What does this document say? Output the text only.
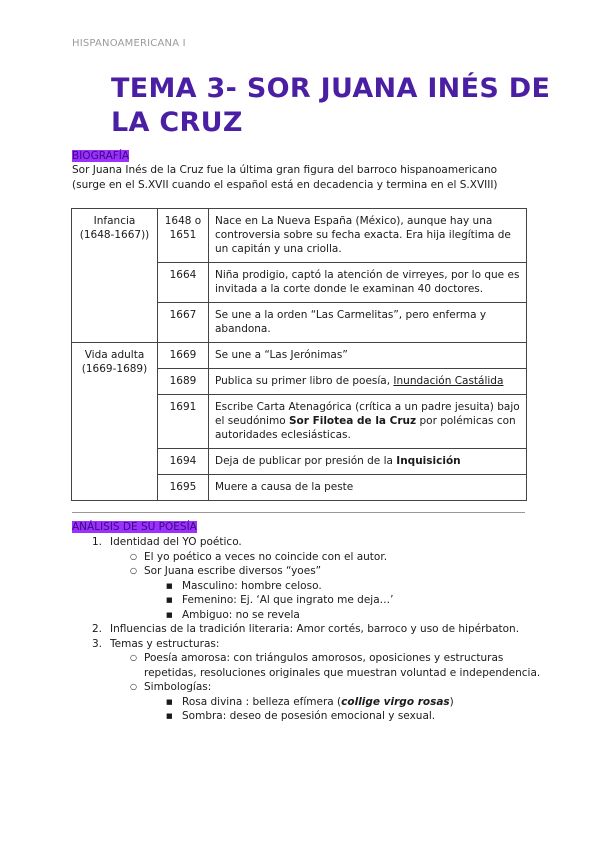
HISPANOAMERICANA I
TEMA 3- SOR JUANA INÉS DE LA CRUZ
BIOGRAFÍA
Sor Juana Inés de la Cruz fue la última gran figura del barroco hispanoamericano (surge en el S.XVII cuando el español está en decadencia y termina en el S.XVIII)
Infancia (1648-1667))	1648 o 1651	Nace en La Nueva España (México), aunque hay una controversia sobre su fecha exacta. Era hija ilegítima de un capitán y una criolla.
	1664	Niña prodigio, captó la atención de virreyes, por lo que es invitada a la corte donde le examinan 40 doctores.
	1667	Se une a la orden “Las Carmelitas”, pero enferma y abandona.
Vida adulta (1669-1689)	1669	Se une a “Las Jerónimas”
	1689	Publica su primer libro de poesía, Inundación Castálida
	1691	Escribe Carta Atenagórica (crítica a un padre jesuita) bajo el seudónimo Sor Filotea de la Cruz por polémicas con autoridades eclesiásticas.
	1694	Deja de publicar por presión de la Inquisición
	1695	Muere a causa de la peste
ANÁLISIS DE SU POESÍA
1. Identidad del YO poético.
○ El yo poético a veces no coincide con el autor.
○ Sor Juana escribe diversos “yoes”
■ Masculino: hombre celoso.
■ Femenino: Ej. ‘Al que ingrato me deja…’
■ Ambiguo: no se revela
2. Influencias de la tradición literaria: Amor cortés, barroco y uso de hipérbaton.
3. Temas y estructuras:
○ Poesía amorosa: con triángulos amorosos, oposiciones y estructuras repetidas, resoluciones originales que muestran voluntad e independencia.
○ Simbologías:
■ Rosa divina : belleza efímera (collige virgo rosas)
■ Sombra: deseo de posesión emocional y sexual.
